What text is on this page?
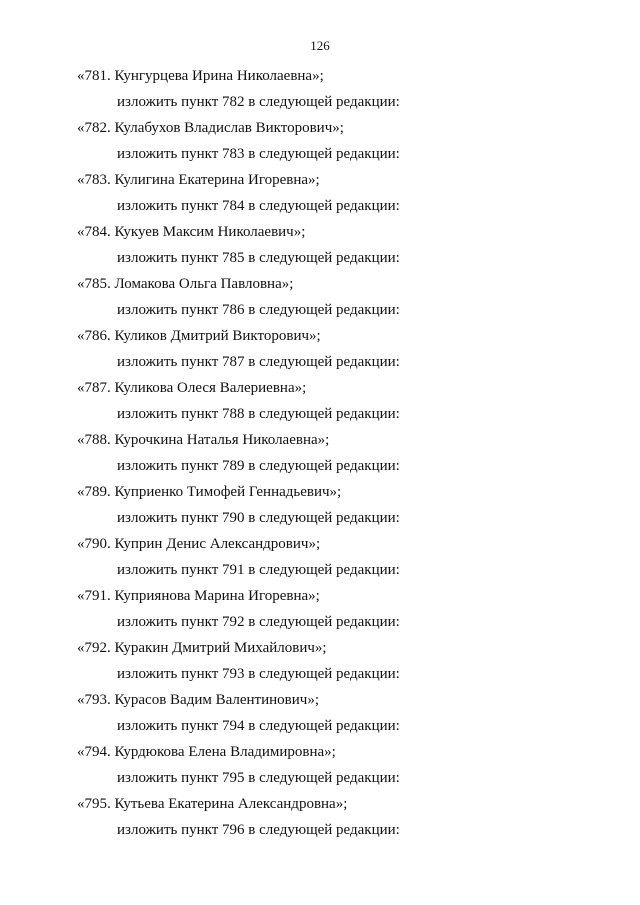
126
«781. Кунгурцева Ирина Николаевна»;
изложить пункт 782 в следующей редакции:
«782. Кулабухов Владислав Викторович»;
изложить пункт 783 в следующей редакции:
«783. Кулигина Екатерина Игоревна»;
изложить пункт 784 в следующей редакции:
«784. Кукуев Максим Николаевич»;
изложить пункт 785 в следующей редакции:
«785. Ломакова Ольга Павловна»;
изложить пункт 786 в следующей редакции:
«786. Куликов Дмитрий Викторович»;
изложить пункт 787 в следующей редакции:
«787. Куликова Олеся Валериевна»;
изложить пункт 788 в следующей редакции:
«788. Курочкина Наталья Николаевна»;
изложить пункт 789 в следующей редакции:
«789. Куприенко Тимофей Геннадьевич»;
изложить пункт 790 в следующей редакции:
«790. Куприн Денис Александрович»;
изложить пункт 791 в следующей редакции:
«791. Куприянова Марина Игоревна»;
изложить пункт 792 в следующей редакции:
«792. Куракин Дмитрий Михайлович»;
изложить пункт 793 в следующей редакции:
«793. Курасов Вадим Валентинович»;
изложить пункт 794 в следующей редакции:
«794. Курдюкова Елена Владимировна»;
изложить пункт 795 в следующей редакции:
«795. Кутьева Екатерина Александровна»;
изложить пункт 796 в следующей редакции:
